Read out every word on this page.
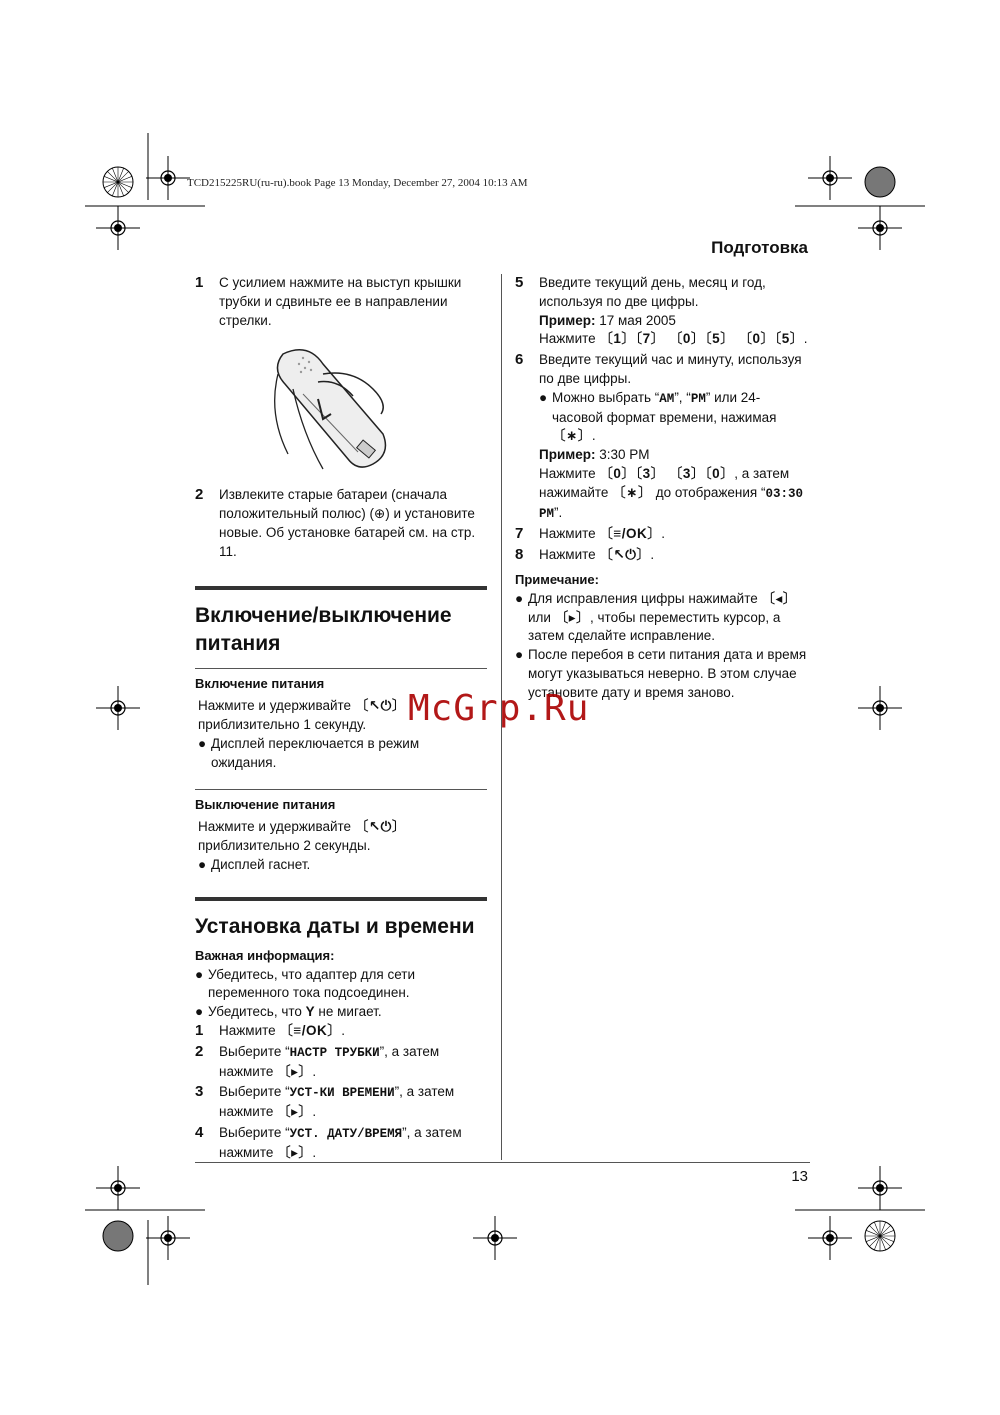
TCD215225RU(ru-ru).book Page 13 Monday, December 27, 2004 10:13 AM
Подготовка
1	С усилием нажмите на выступ крышки трубки и сдвиньте ее в направлении стрелки.
2	Извлеките старые батареи (сначала положительный полюс) (⊕) и установите новые. Об установке батарей см. на стр. 11.
Включение/выключение питания
Включение питания
Нажмите и удерживайте 〔↖⏻〕 приблизительно 1 секунду.
● Дисплей переключается в режим ожидания.
Выключение питания
Нажмите и удерживайте 〔↖⏻〕 приблизительно 2 секунды.
● Дисплей гаснет.
Установка даты и времени
Важная информация:
● Убедитесь, что адаптер для сети переменного тока подсоединен.
● Убедитесь, что Y не мигает.
1	Нажмите 〔≡/OK〕.
2	Выберите “НАСТР ТРУБКИ”, а затем нажмите 〔▸〕.
3	Выберите “УСТ-КИ ВРЕМЕНИ”, а затем нажмите 〔▸〕.
4	Выберите “УСТ. ДАТУ/ВРЕМЯ”, а затем нажмите 〔▸〕.
5	Введите текущий день, месяц и год, используя по две цифры.
Пример: 17 мая 2005
Нажмите 〔1〕〔7〕 〔0〕〔5〕 〔0〕〔5〕.
6	Введите текущий час и минуту, используя по две цифры.
● Можно выбрать “AM”, “PM” или 24-часовой формат времени, нажимая 〔∗〕.
Пример: 3:30 PM
Нажмите 〔0〕〔3〕 〔3〕〔0〕, а затем нажимайте 〔∗〕 до отображения “03:30 PM”.
7	Нажмите 〔≡/OK〕.
8	Нажмите 〔↖⏻〕.
Примечание:
● Для исправления цифры нажимайте 〔◂〕 или 〔▸〕, чтобы переместить курсор, а затем сделайте исправление.
● После перебоя в сети питания дата и время могут указываться неверно. В этом случае установите дату и время заново.
McGrp.Ru
13
